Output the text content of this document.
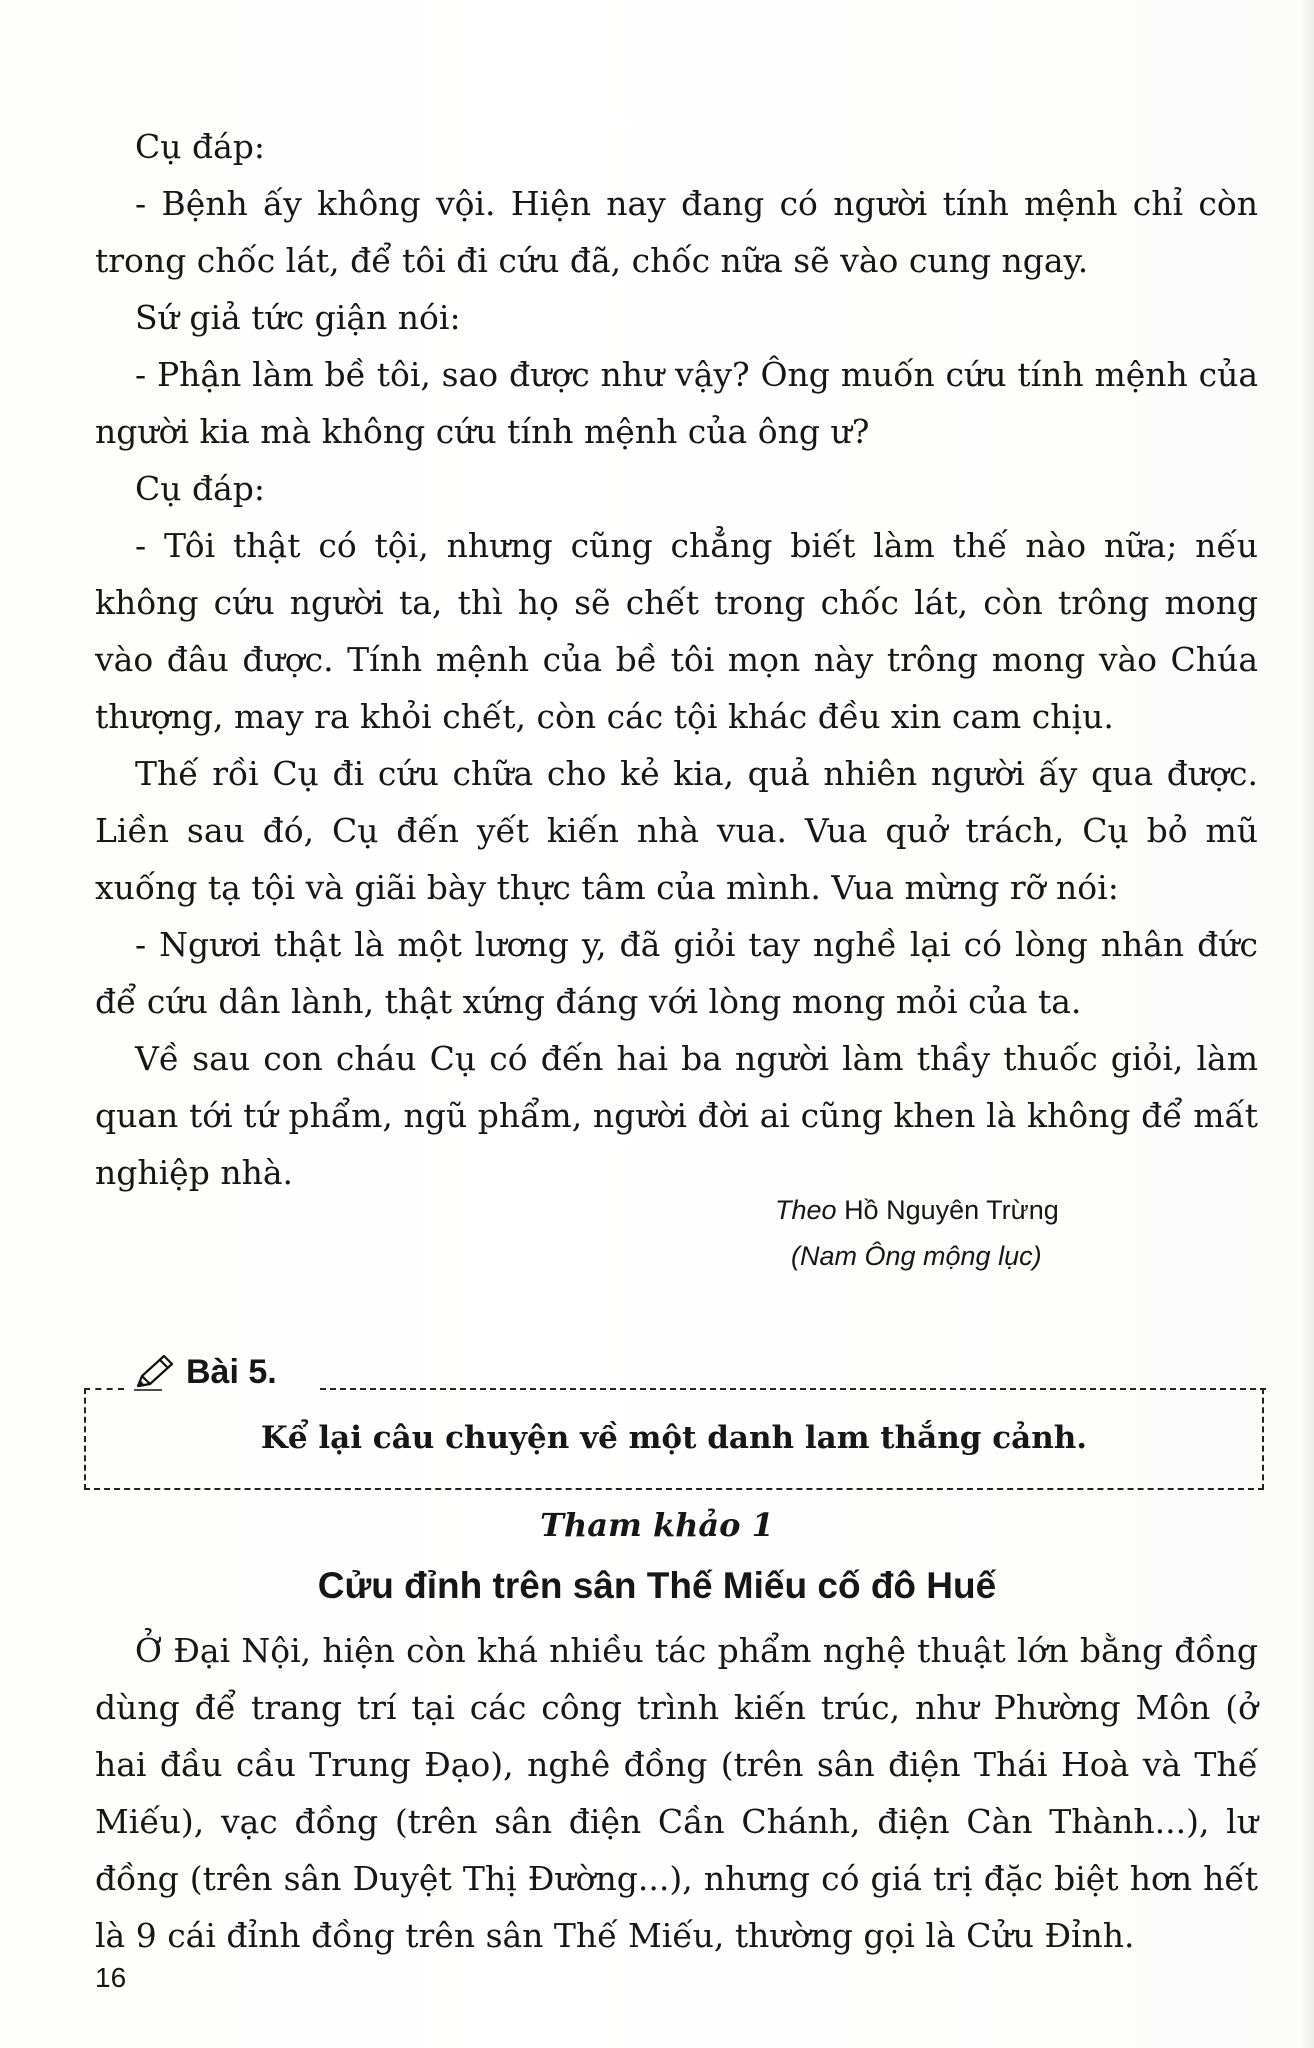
Cụ đáp:

- Bệnh ấy không vội. Hiện nay đang có người tính mệnh chỉ còn trong chốc lát, để tôi đi cứu đã, chốc nữa sẽ vào cung ngay.

Sứ giả tức giận nói:

- Phận làm bề tôi, sao được như vậy? Ông muốn cứu tính mệnh của người kia mà không cứu tính mệnh của ông ư?

Cụ đáp:

- Tôi thật có tội, nhưng cũng chẳng biết làm thế nào nữa; nếu không cứu người ta, thì họ sẽ chết trong chốc lát, còn trông mong vào đâu được. Tính mệnh của bề tôi mọn này trông mong vào Chúa thượng, may ra khỏi chết, còn các tội khác đều xin cam chịu.

Thế rồi Cụ đi cứu chữa cho kẻ kia, quả nhiên người ấy qua được. Liền sau đó, Cụ đến yết kiến nhà vua. Vua quở trách, Cụ bỏ mũ xuống tạ tội và giãi bày thực tâm của mình. Vua mừng rỡ nói:

- Ngươi thật là một lương y, đã giỏi tay nghề lại có lòng nhân đức để cứu dân lành, thật xứng đáng với lòng mong mỏi của ta.

Về sau con cháu Cụ có đến hai ba người làm thầy thuốc giỏi, làm quan tới tứ phẩm, ngũ phẩm, người đời ai cũng khen là không để mất nghiệp nhà.

Theo Hồ Nguyên Trừng
(Nam Ông mộng lục)
Bài 5.
Kể lại câu chuyện về một danh lam thắng cảnh.
Tham khảo 1
Cửu đỉnh trên sân Thế Miếu cố đô Huế

Ở Đại Nội, hiện còn khá nhiều tác phẩm nghệ thuật lớn bằng đồng dùng để trang trí tại các công trình kiến trúc, như Phường Môn (ở hai đầu cầu Trung Đạo), nghê đồng (trên sân điện Thái Hoà và Thế Miếu), vạc đồng (trên sân điện Cần Chánh, điện Càn Thành...), lư đồng (trên sân Duyệt Thị Đường...), nhưng có giá trị đặc biệt hơn hết là 9 cái đỉnh đồng trên sân Thế Miếu, thường gọi là Cửu Đỉnh.

16
